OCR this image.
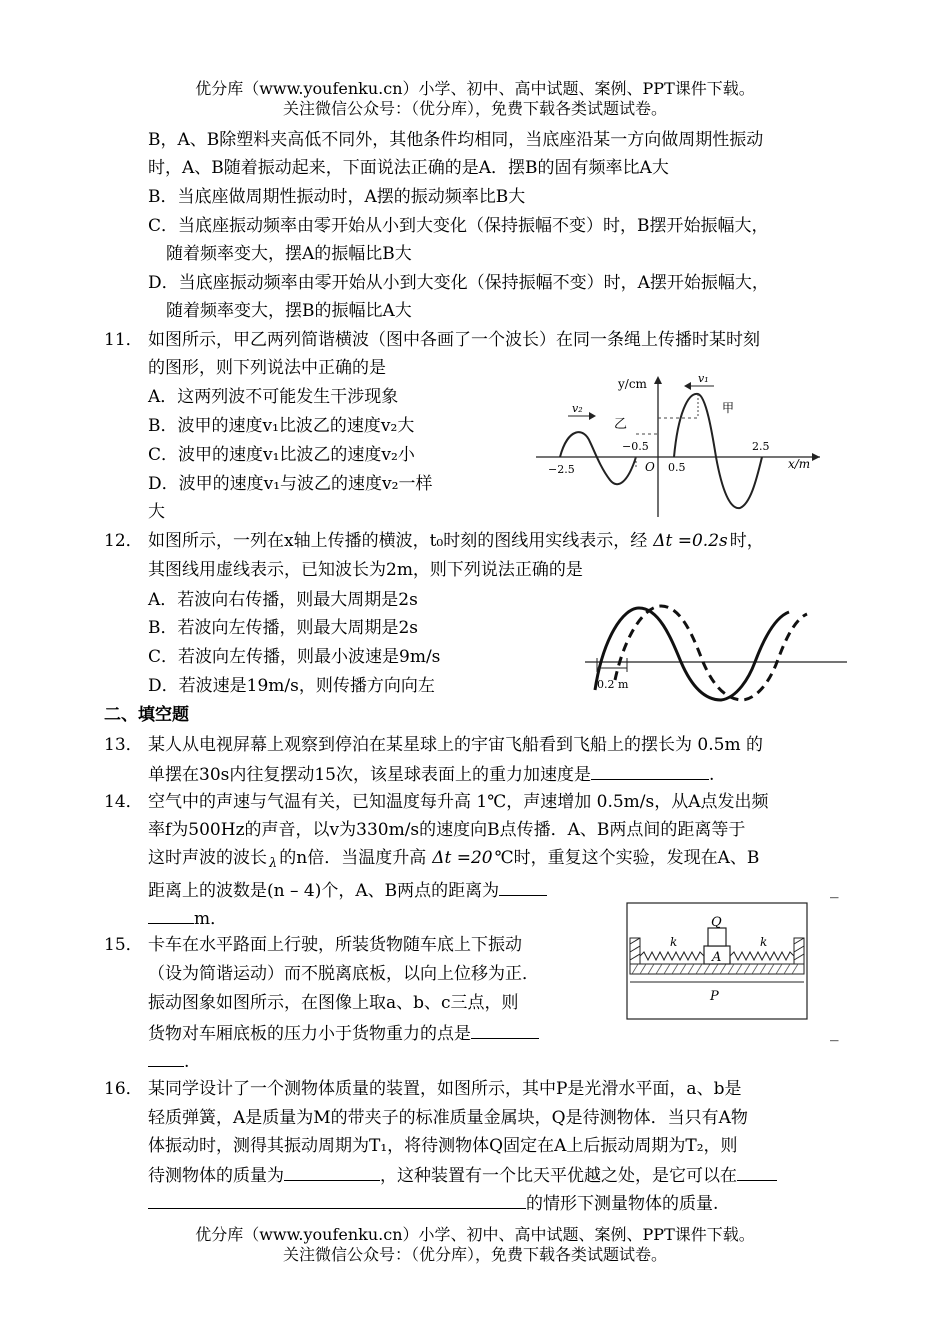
优分库（www.youfenku.cn）小学、初中、高中试题、案例、PPT课件下载。
关注微信公众号：（优分库），免费下载各类试题试卷。
B，A、B除塑料夹高低不同外，其他条件均相同，当底座沿某一方向做周期性振动
时，A、B随着振动起来，下面说法正确的是A．摆B的固有频率比A大
B．当底座做周期性振动时，A摆的振动频率比B大
C．当底座振动频率由零开始从小到大变化（保持振幅不变）时，B摆开始振幅大，
随着频率变大，摆A的振幅比B大
D．当底座振动频率由零开始从小到大变化（保持振幅不变）时，A摆开始振幅大，
随着频率变大，摆B的振幅比A大
11． 如图所示，甲乙两列简谐横波（图中各画了一个波长）在同一条绳上传播时某时刻
的图形，则下列说法中正确的是
A．这两列波不可能发生干涉现象
B．波甲的速度v₁比波乙的速度v₂大
C．波甲的速度v₁比波乙的速度v₂小
D．波甲的速度v₁与波乙的速度v₂一样
大
y/cm
x/m
乙
v₂	甲
v₁
−2.5
−0.5
O 0.5
2.5
12． 如图所示，一列在x轴上传播的横波，t₀时刻的图线用实线表示，经 Δt =0.2s 时，
其图线用虚线表示，已知波长为2m，则下列说法正确的是
A．若波向右传播，则最大周期是2s
B．若波向左传播，则最大周期是2s
C．若波向左传播，则最小波速是9m/s
D．若波速是19m/s，则传播方向向左	0.2 m
二、填空题
13． 某人从电视屏幕上观察到停泊在某星球上的宇宙飞船看到飞船上的摆长为 0.5m 的
单摆在30s内往复摆动15次，该星球表面上的重力加速度是	.
14． 空气中的声速与气温有关，已知温度每升高 1℃，声速增加 0.5m/s，从A点发出频
率f为500Hz的声音，以v为330m/s的速度向B点传播．A、B两点间的距离等于
这时声波的波长 $_\lambda$ 的n倍．当温度升高 Δt =20 ℃时，重复这个实验，发现在A、B
距离上的波数是(n – 4)个，A、B两点的距离为	_
m．
15． 卡车在水平路面上行驶，所装货物随车底上下振动
（设为简谐运动）而不脱离底板，以向上位移为正．
振动图象如图所示，在图像上取a、b、c三点，则
货物对车厢底板的压力小于货物重力的点是	_
.
A
Q
k	k
P
16． 某同学设计了一个测物体质量的装置，如图所示，其中P是光滑水平面，a、b是
轻质弹簧，A是质量为M的带夹子的标准质量金属块，Q是待测物体．当只有A物
体振动时，测得其振动周期为T₁，将待测物体Q固定在A上后振动周期为T₂，则
待测物体的质量为	，这种装置有一个比天平优越之处，是它可以在
的情形下测量物体的质量.
优分库（www.youfenku.cn）小学、初中、高中试题、案例、PPT课件下载。
关注微信公众号：（优分库），免费下载各类试题试卷。
